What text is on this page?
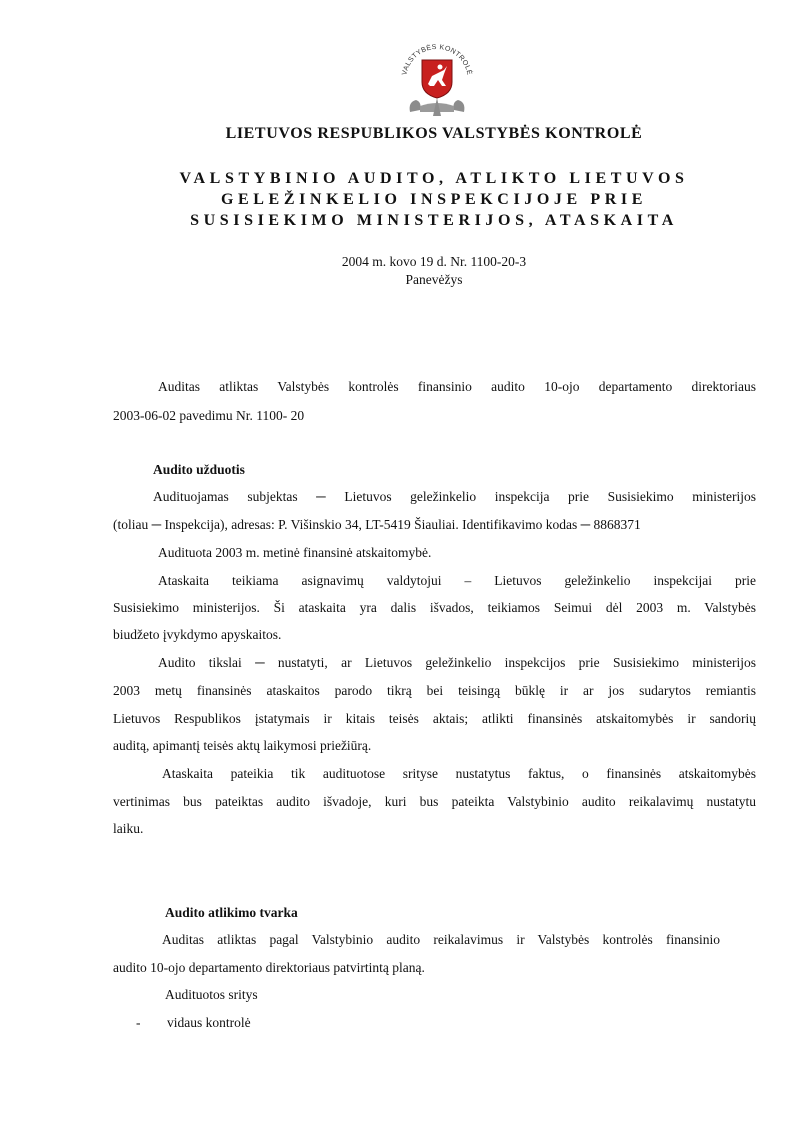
VALSTYBĖS KONTROLĖ
LIETUVOS RESPUBLIKOS VALSTYBĖS KONTROLĖ
VALSTYBINIO AUDITO, ATLIKTO LIETUVOS
GELEŽINKELIO INSPEKCIJOJE PRIE
SUSISIEKIMO MINISTERIJOS, ATASKAITA
2004 m. kovo 19 d. Nr. 1100-20-3
Panevėžys
Auditas atliktas Valstybės kontrolės finansinio audito 10-ojo departamento direktoriaus
2003-06-02 pavedimu Nr. 1100- 20
Audito užduotis
Audituojamas subjektas ─ Lietuvos geležinkelio inspekcija prie Susisiekimo ministerijos
(toliau ─ Inspekcija), adresas: P. Višinskio 34, LT-5419 Šiauliai. Identifikavimo kodas ─ 8868371
Audituota 2003 m. metinė finansinė atskaitomybė.
Ataskaita teikiama asignavimų valdytojui – Lietuvos geležinkelio inspekcijai prie
Susisiekimo ministerijos. Ši ataskaita yra dalis išvados, teikiamos Seimui dėl 2003 m. Valstybės
biudžeto įvykdymo apyskaitos.
Audito tikslai ─ nustatyti, ar Lietuvos geležinkelio inspekcijos prie Susisiekimo ministerijos
2003 metų finansinės ataskaitos parodo tikrą bei teisingą būklę ir ar jos sudarytos remiantis
Lietuvos Respublikos įstatymais ir kitais teisės aktais; atlikti finansinės atskaitomybės ir sandorių
auditą, apimantį teisės aktų laikymosi priežiūrą.
Ataskaita pateikia tik audituotose srityse nustatytus faktus, o finansinės atskaitomybės
vertinimas bus pateiktas audito išvadoje, kuri bus pateikta Valstybinio audito reikalavimų nustatytu
laiku.
Audito atlikimo tvarka
Auditas atliktas pagal Valstybinio audito reikalavimus ir Valstybės kontrolės finansinio
audito 10-ojo departamento direktoriaus patvirtintą planą.
Audituotos sritys
- vidaus kontrolė
